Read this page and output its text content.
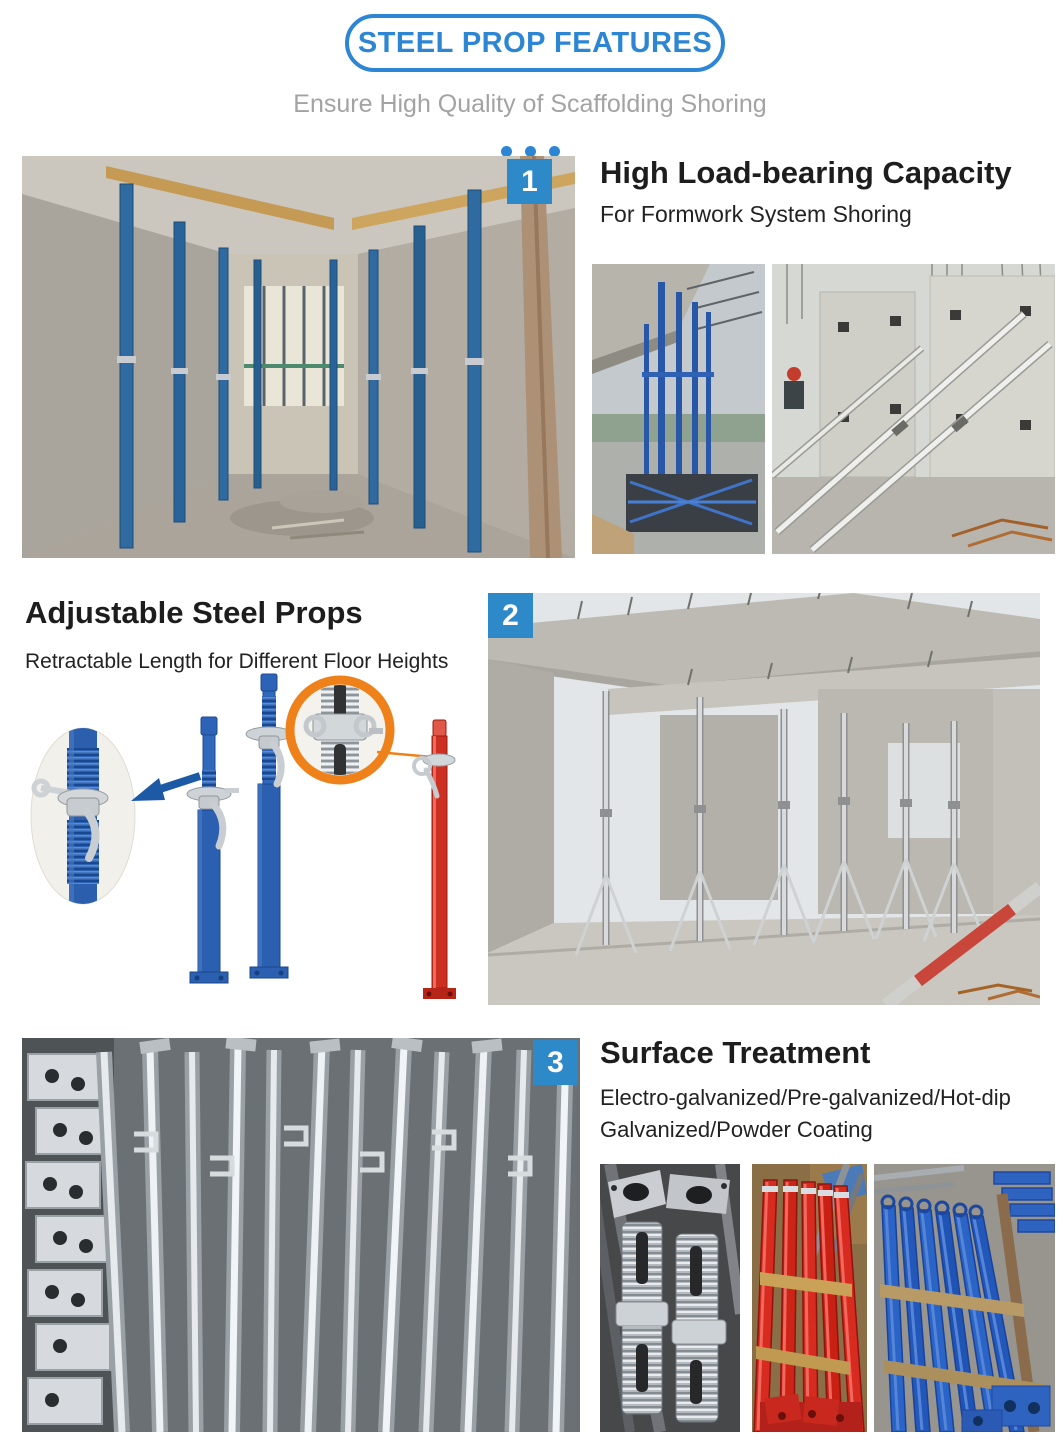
STEEL PROP FEATURES
Ensure High Quality of Scaffolding Shoring
1	High Load-bearing Capacity

For Formwork System Shoring

Adjustable Steel Props

Retractable Length for Different Floor Heights

2
3	Surface Treatment

Electro-galvanized/Pre-galvanized/Hot-dip Galvanized/Powder Coating
